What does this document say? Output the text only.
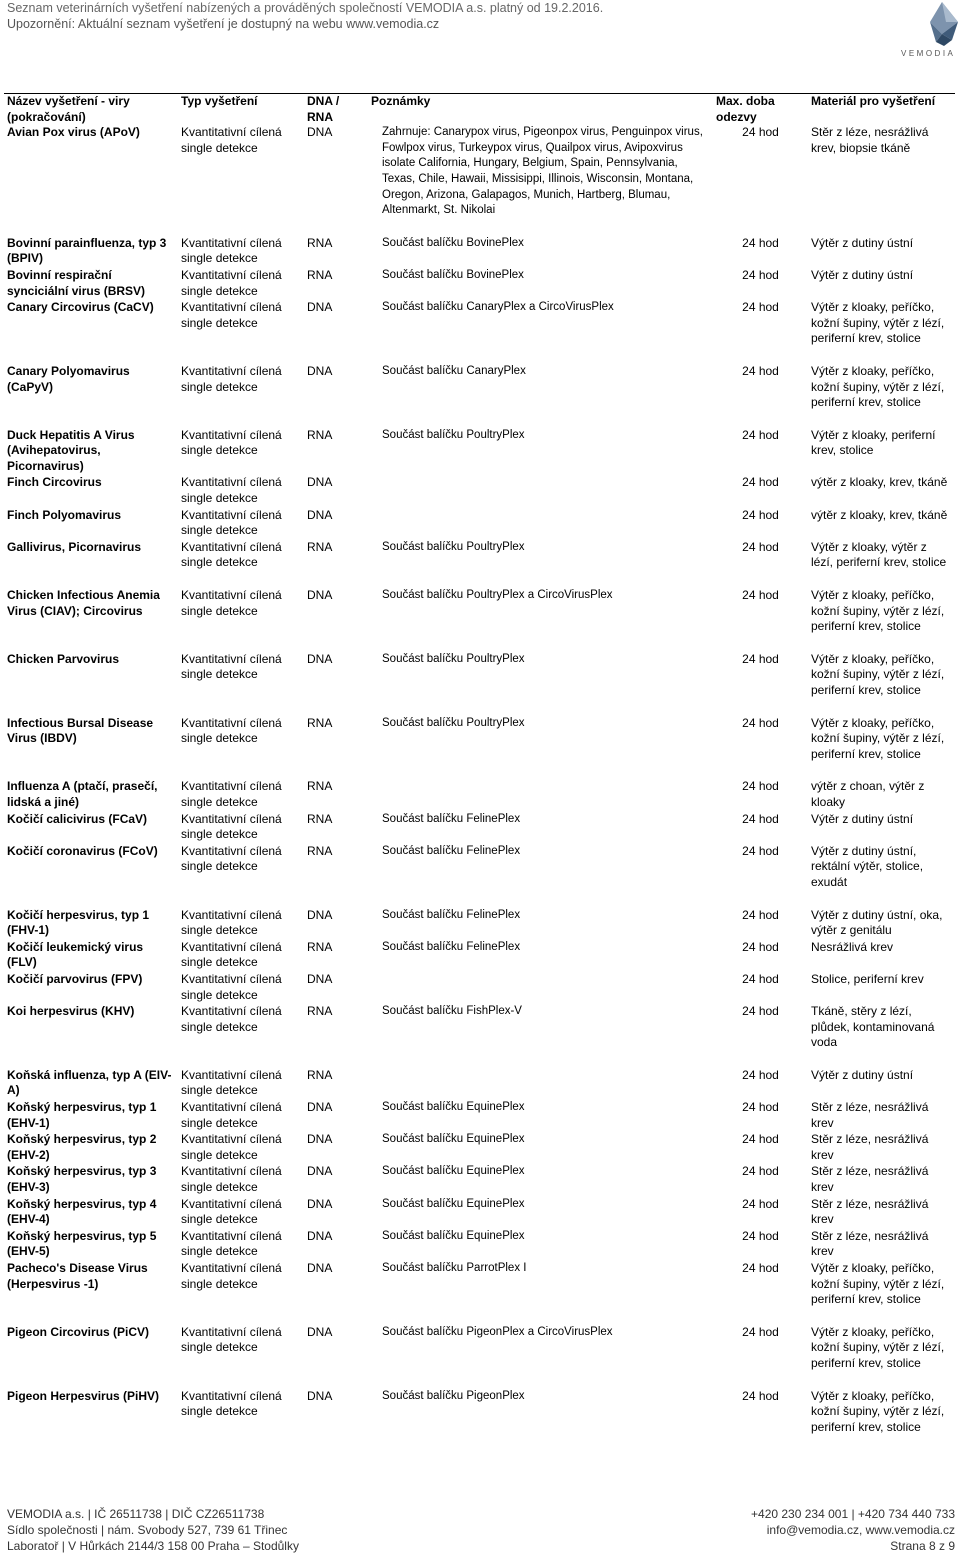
Seznam veterinárních vyšetření nabízených a prováděných společností VEMODIA a.s. platný od 19.2.2016.
Upozornění: Aktuální seznam vyšetření je dostupný na webu www.vemodia.cz
VEMODIA
Název vyšetření - viry (pokračování)	Typ vyšetření	DNA / RNA	Poznámky	Max. doba odezvy	Materiál pro vyšetření
Avian Pox virus (APoV)	Kvantitativní cílená single detekce	DNA	Zahrnuje: Canarypox virus, Pigeonpox virus, Penguinpox virus, Fowlpox virus, Turkeypox virus, Quailpox virus, Avipoxvirus isolate California, Hungary, Belgium, Spain, Pennsylvania, Texas, Chile, Hawaii, Missisippi, Illinois, Wisconsin, Montana, Oregon, Arizona, Galapagos, Munich, Hartberg, Blumau, Altenmarkt, St. Nikolai	24 hod	Stěr z léze, nesrážlivá krev, biopsie tkáně

Bovinní parainfluenza, typ 3 (BPIV)	Kvantitativní cílená single detekce	RNA	Součást balíčku BovinePlex	24 hod	Výtěr z dutiny ústní
Bovinní respirační synciciální virus (BRSV)	Kvantitativní cílená single detekce	RNA	Součást balíčku BovinePlex	24 hod	Výtěr z dutiny ústní
Canary Circovirus (CaCV)	Kvantitativní cílená single detekce	DNA	Součást balíčku CanaryPlex a CircoVirusPlex	24 hod	Výtěr z kloaky, peříčko, kožní šupiny, výtěr z lézí, periferní krev, stolice

Canary Polyomavirus (CaPyV)	Kvantitativní cílená single detekce	DNA	Součást balíčku CanaryPlex	24 hod	Výtěr z kloaky, peříčko, kožní šupiny, výtěr z lézí, periferní krev, stolice

Duck Hepatitis A Virus (Avihepatovirus, Picornavirus)	Kvantitativní cílená single detekce	RNA	Součást balíčku PoultryPlex	24 hod	Výtěr z kloaky, periferní krev, stolice
Finch Circovirus	Kvantitativní cílená single detekce	DNA		24 hod	výtěr z kloaky, krev, tkáně
Finch Polyomavirus	Kvantitativní cílená single detekce	DNA		24 hod	výtěr z kloaky, krev, tkáně
Gallivirus, Picornavirus	Kvantitativní cílená single detekce	RNA	Součást balíčku PoultryPlex	24 hod	Výtěr z kloaky, výtěr z lézí, periferní krev, stolice

Chicken Infectious Anemia Virus (CIAV); Circovirus	Kvantitativní cílená single detekce	DNA	Součást balíčku PoultryPlex a CircoVirusPlex	24 hod	Výtěr z kloaky, peříčko, kožní šupiny, výtěr z lézí, periferní krev, stolice

Chicken Parvovirus	Kvantitativní cílená single detekce	DNA	Součást balíčku PoultryPlex	24 hod	Výtěr z kloaky, peříčko, kožní šupiny, výtěr z lézí, periferní krev, stolice

Infectious Bursal Disease Virus (IBDV)	Kvantitativní cílená single detekce	RNA	Součást balíčku PoultryPlex	24 hod	Výtěr z kloaky, peříčko, kožní šupiny, výtěr z lézí, periferní krev, stolice

Influenza A (ptačí, prasečí, lidská a jiné)	Kvantitativní cílená single detekce	RNA		24 hod	výtěr z choan, výtěr z kloaky
Kočičí calicivirus (FCaV)	Kvantitativní cílená single detekce	RNA	Součást balíčku FelinePlex	24 hod	Výtěr z dutiny ústní
Kočičí coronavirus (FCoV)	Kvantitativní cílená single detekce	RNA	Součást balíčku FelinePlex	24 hod	Výtěr z dutiny ústní, rektální výtěr, stolice, exudát

Kočičí herpesvirus, typ 1 (FHV-1)	Kvantitativní cílená single detekce	DNA	Součást balíčku FelinePlex	24 hod	Výtěr z dutiny ústní, oka, výtěr z genitálu
Kočičí leukemický virus (FLV)	Kvantitativní cílená single detekce	RNA	Součást balíčku FelinePlex	24 hod	Nesrážlivá krev
Kočičí parvovirus (FPV)	Kvantitativní cílená single detekce	DNA		24 hod	Stolice, periferní krev
Koi herpesvirus (KHV)	Kvantitativní cílená single detekce	RNA	Součást balíčku FishPlex-V	24 hod	Tkáně, stěry z lézí, plůdek, kontaminovaná voda

Koňská influenza, typ A (EIV-A)	Kvantitativní cílená single detekce	RNA		24 hod	Výtěr z dutiny ústní
Koňský herpesvirus, typ 1 (EHV-1)	Kvantitativní cílená single detekce	DNA	Součást balíčku EquinePlex	24 hod	Stěr z léze, nesrážlivá krev
Koňský herpesvirus, typ 2 (EHV-2)	Kvantitativní cílená single detekce	DNA	Součást balíčku EquinePlex	24 hod	Stěr z léze, nesrážlivá krev
Koňský herpesvirus, typ 3 (EHV-3)	Kvantitativní cílená single detekce	DNA	Součást balíčku EquinePlex	24 hod	Stěr z léze, nesrážlivá krev
Koňský herpesvirus, typ 4 (EHV-4)	Kvantitativní cílená single detekce	DNA	Součást balíčku EquinePlex	24 hod	Stěr z léze, nesrážlivá krev
Koňský herpesvirus, typ 5 (EHV-5)	Kvantitativní cílená single detekce	DNA	Součást balíčku EquinePlex	24 hod	Stěr z léze, nesrážlivá krev
Pacheco's Disease Virus (Herpesvirus -1)	Kvantitativní cílená single detekce	DNA	Součást balíčku ParrotPlex I	24 hod	Výtěr z kloaky, peříčko, kožní šupiny, výtěr z lézí, periferní krev, stolice

Pigeon Circovirus (PiCV)	Kvantitativní cílená single detekce	DNA	Součást balíčku PigeonPlex a CircoVirusPlex	24 hod	Výtěr z kloaky, peříčko, kožní šupiny, výtěr z lézí, periferní krev, stolice

Pigeon Herpesvirus (PiHV)	Kvantitativní cílená single detekce	DNA	Součást balíčku PigeonPlex	24 hod	Výtěr z kloaky, peříčko, kožní šupiny, výtěr z lézí, periferní krev, stolice
VEMODIA a.s. | IČ 26511738 | DIČ CZ26511738
Sídlo společnosti | nám. Svobody 527, 739 61 Třinec
Laboratoř | V Hůrkách 2144/3 158 00 Praha – Stodůlky
+420 230 234 001 | +420 734 440 733
info@vemodia.cz, www.vemodia.cz
Strana 8 z 9
